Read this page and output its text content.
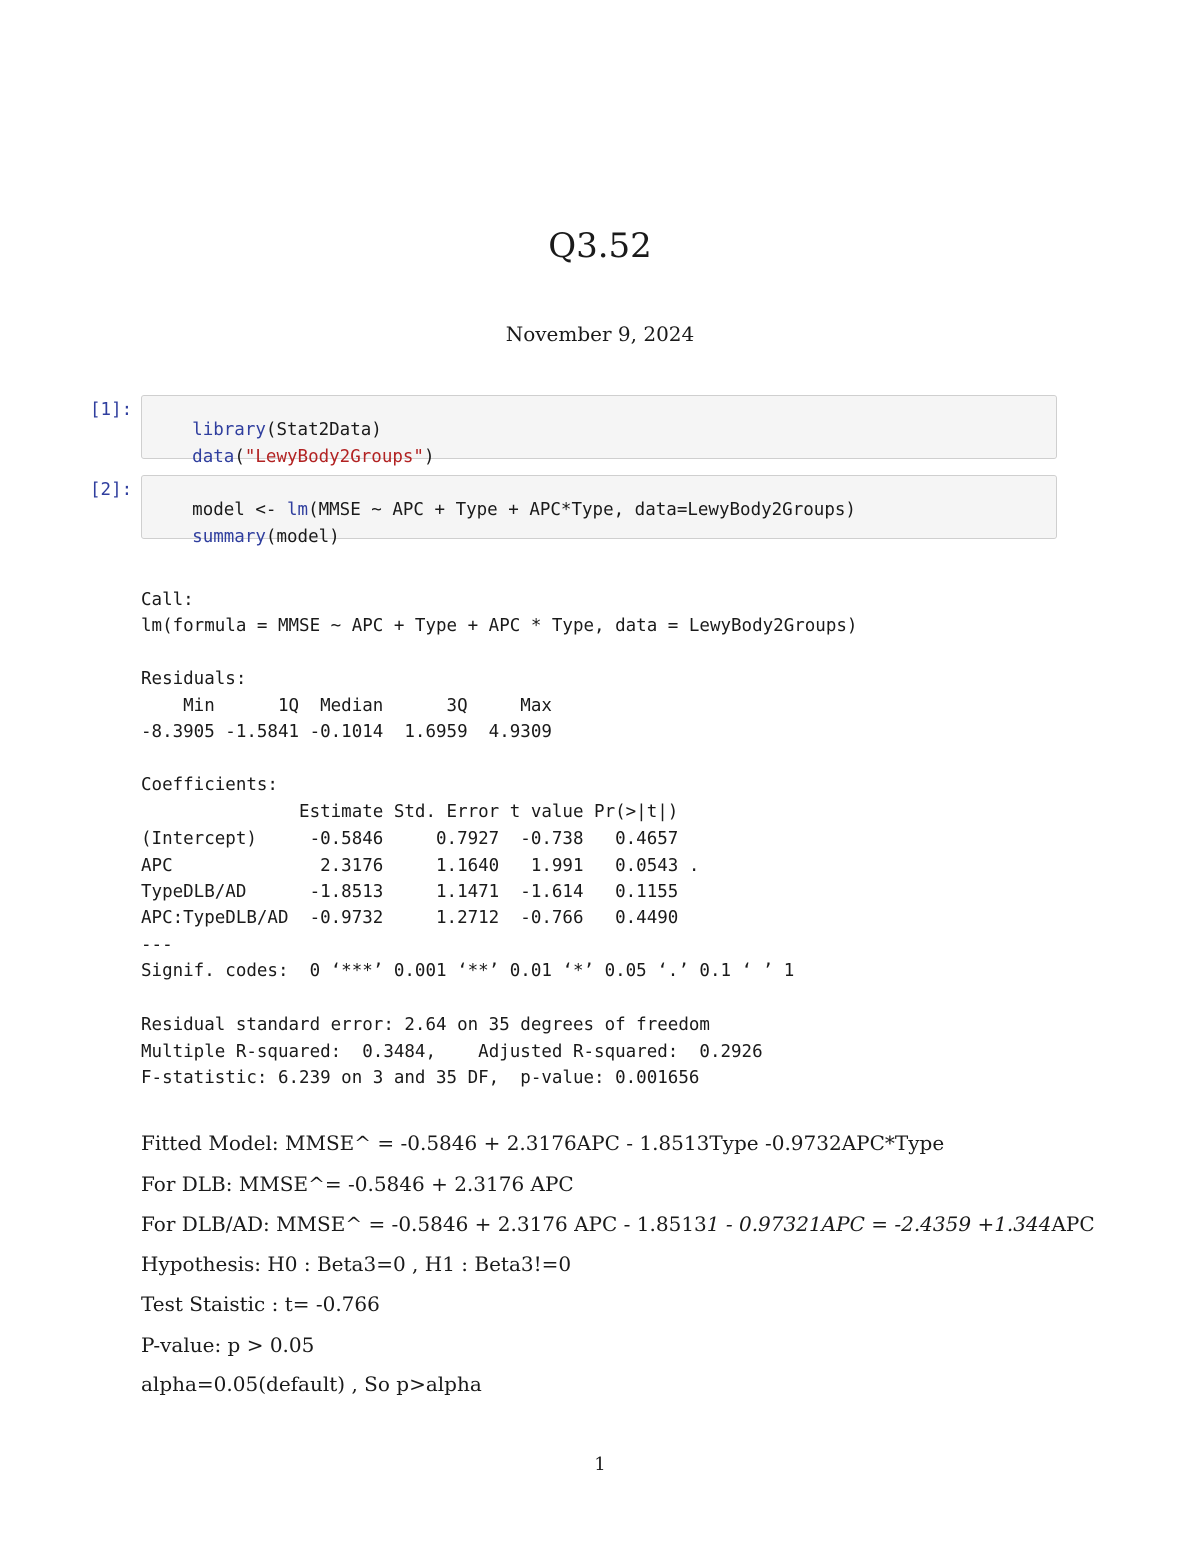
Q3.52
November 9, 2024
[1]:

library(Stat2Data)

data("LewyBody2Groups")

[2]:

model <- lm(MMSE ~ APC + Type + APC*Type, data=LewyBody2Groups)

summary(model)

Call:
lm(formula = MMSE ~ APC + Type + APC * Type, data = LewyBody2Groups)
Residuals:
Min      1Q  Median      3Q     Max
-8.3905 -1.5841 -0.1014  1.6959  4.9309
Coefficients:
Estimate Std. Error t value Pr(>|t|)
(Intercept)     -0.5846     0.7927  -0.738   0.4657
APC              2.3176     1.1640   1.991   0.0543 .
TypeDLB/AD      -1.8513     1.1471  -1.614   0.1155
APC:TypeDLB/AD  -0.9732     1.2712  -0.766   0.4490
---
Signif. codes:  0 ‘***’ 0.001 ‘**’ 0.01 ‘*’ 0.05 ‘.’ 0.1 ‘ ’ 1
Residual standard error: 2.64 on 35 degrees of freedom
Multiple R-squared:  0.3484,	Adjusted R-squared:  0.2926
F-statistic: 6.239 on 3 and 35 DF,  p-value: 0.001656
Fitted Model: MMSE^ = -0.5846 + 2.3176APC - 1.8513Type -0.9732APC*Type
For DLB: MMSE^= -0.5846 + 2.3176 APC
For DLB/AD: MMSE^ = -0.5846 + 2.3176 APC - 1.85131 - 0.97321APC = -2.4359 +1.344APC
Hypothesis: H0 : Beta3=0 , H1 : Beta3!=0
Test Staistic : t= -0.766
P-value: p > 0.05
alpha=0.05(default) , So p>alpha
1
